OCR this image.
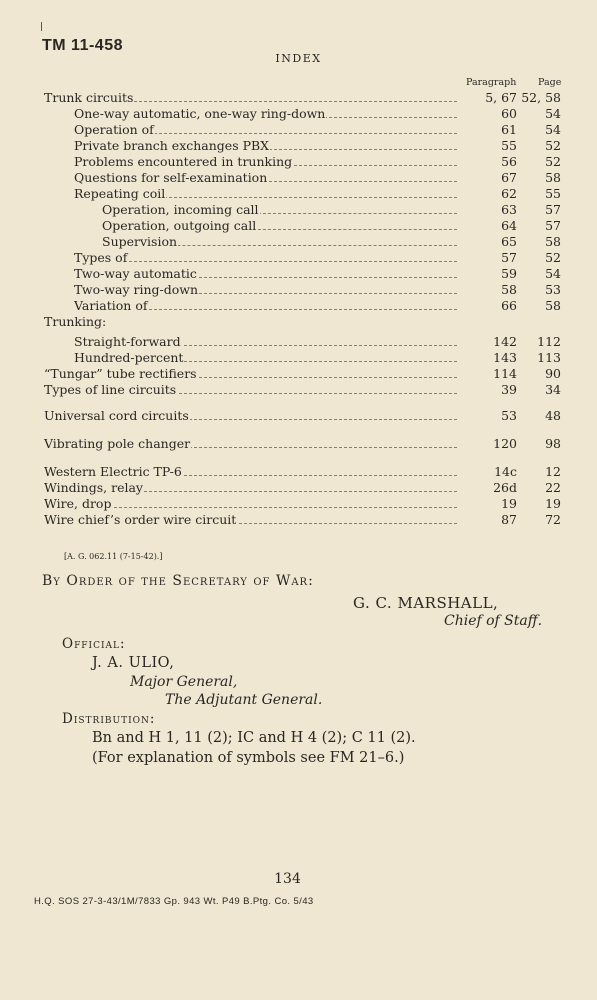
TM 11-458
INDEX
Paragraph Page
Trunk circuits	5, 67 52, 58
One-way automatic, one-way ring-down	60 54
Operation of	61 54
Private branch exchanges PBX	55 52
Problems encountered in trunking	56 52
Questions for self-examination	67 58
Repeating coil	62 55
Operation, incoming call	63 57
Operation, outgoing call	64 57
Supervision	65 58
Types of	57 52
Two-way automatic	59 54
Two-way ring-down	58 53
Variation of	66 58
Trunking:
Straight-forward	142 112
Hundred-percent	143 113
“Tungar” tube rectifiers	114 90
Types of line circuits	39 34
Universal cord circuits	53 48
Vibrating pole changer	120 98
Western Electric TP-6	14c 12
Windings, relay	26d 22
Wire, drop	19 19
Wire chief’s order wire circuit	87 72
[A. G. 062.11 (7-15-42).]
By Order of the Secretary of War:
G. C. MARSHALL,
Chief of Staff.
Official:
J. A. ULIO,
Major General,
The Adjutant General.
Distribution:
Bn and H 1, 11 (2); IC and H 4 (2); C 11 (2).
(For explanation of symbols see FM 21–6.)
134
H.Q. SOS 27-3-43/1M/7833 Gp. 943 Wt. P49 B.Ptg. Co. 5/43
